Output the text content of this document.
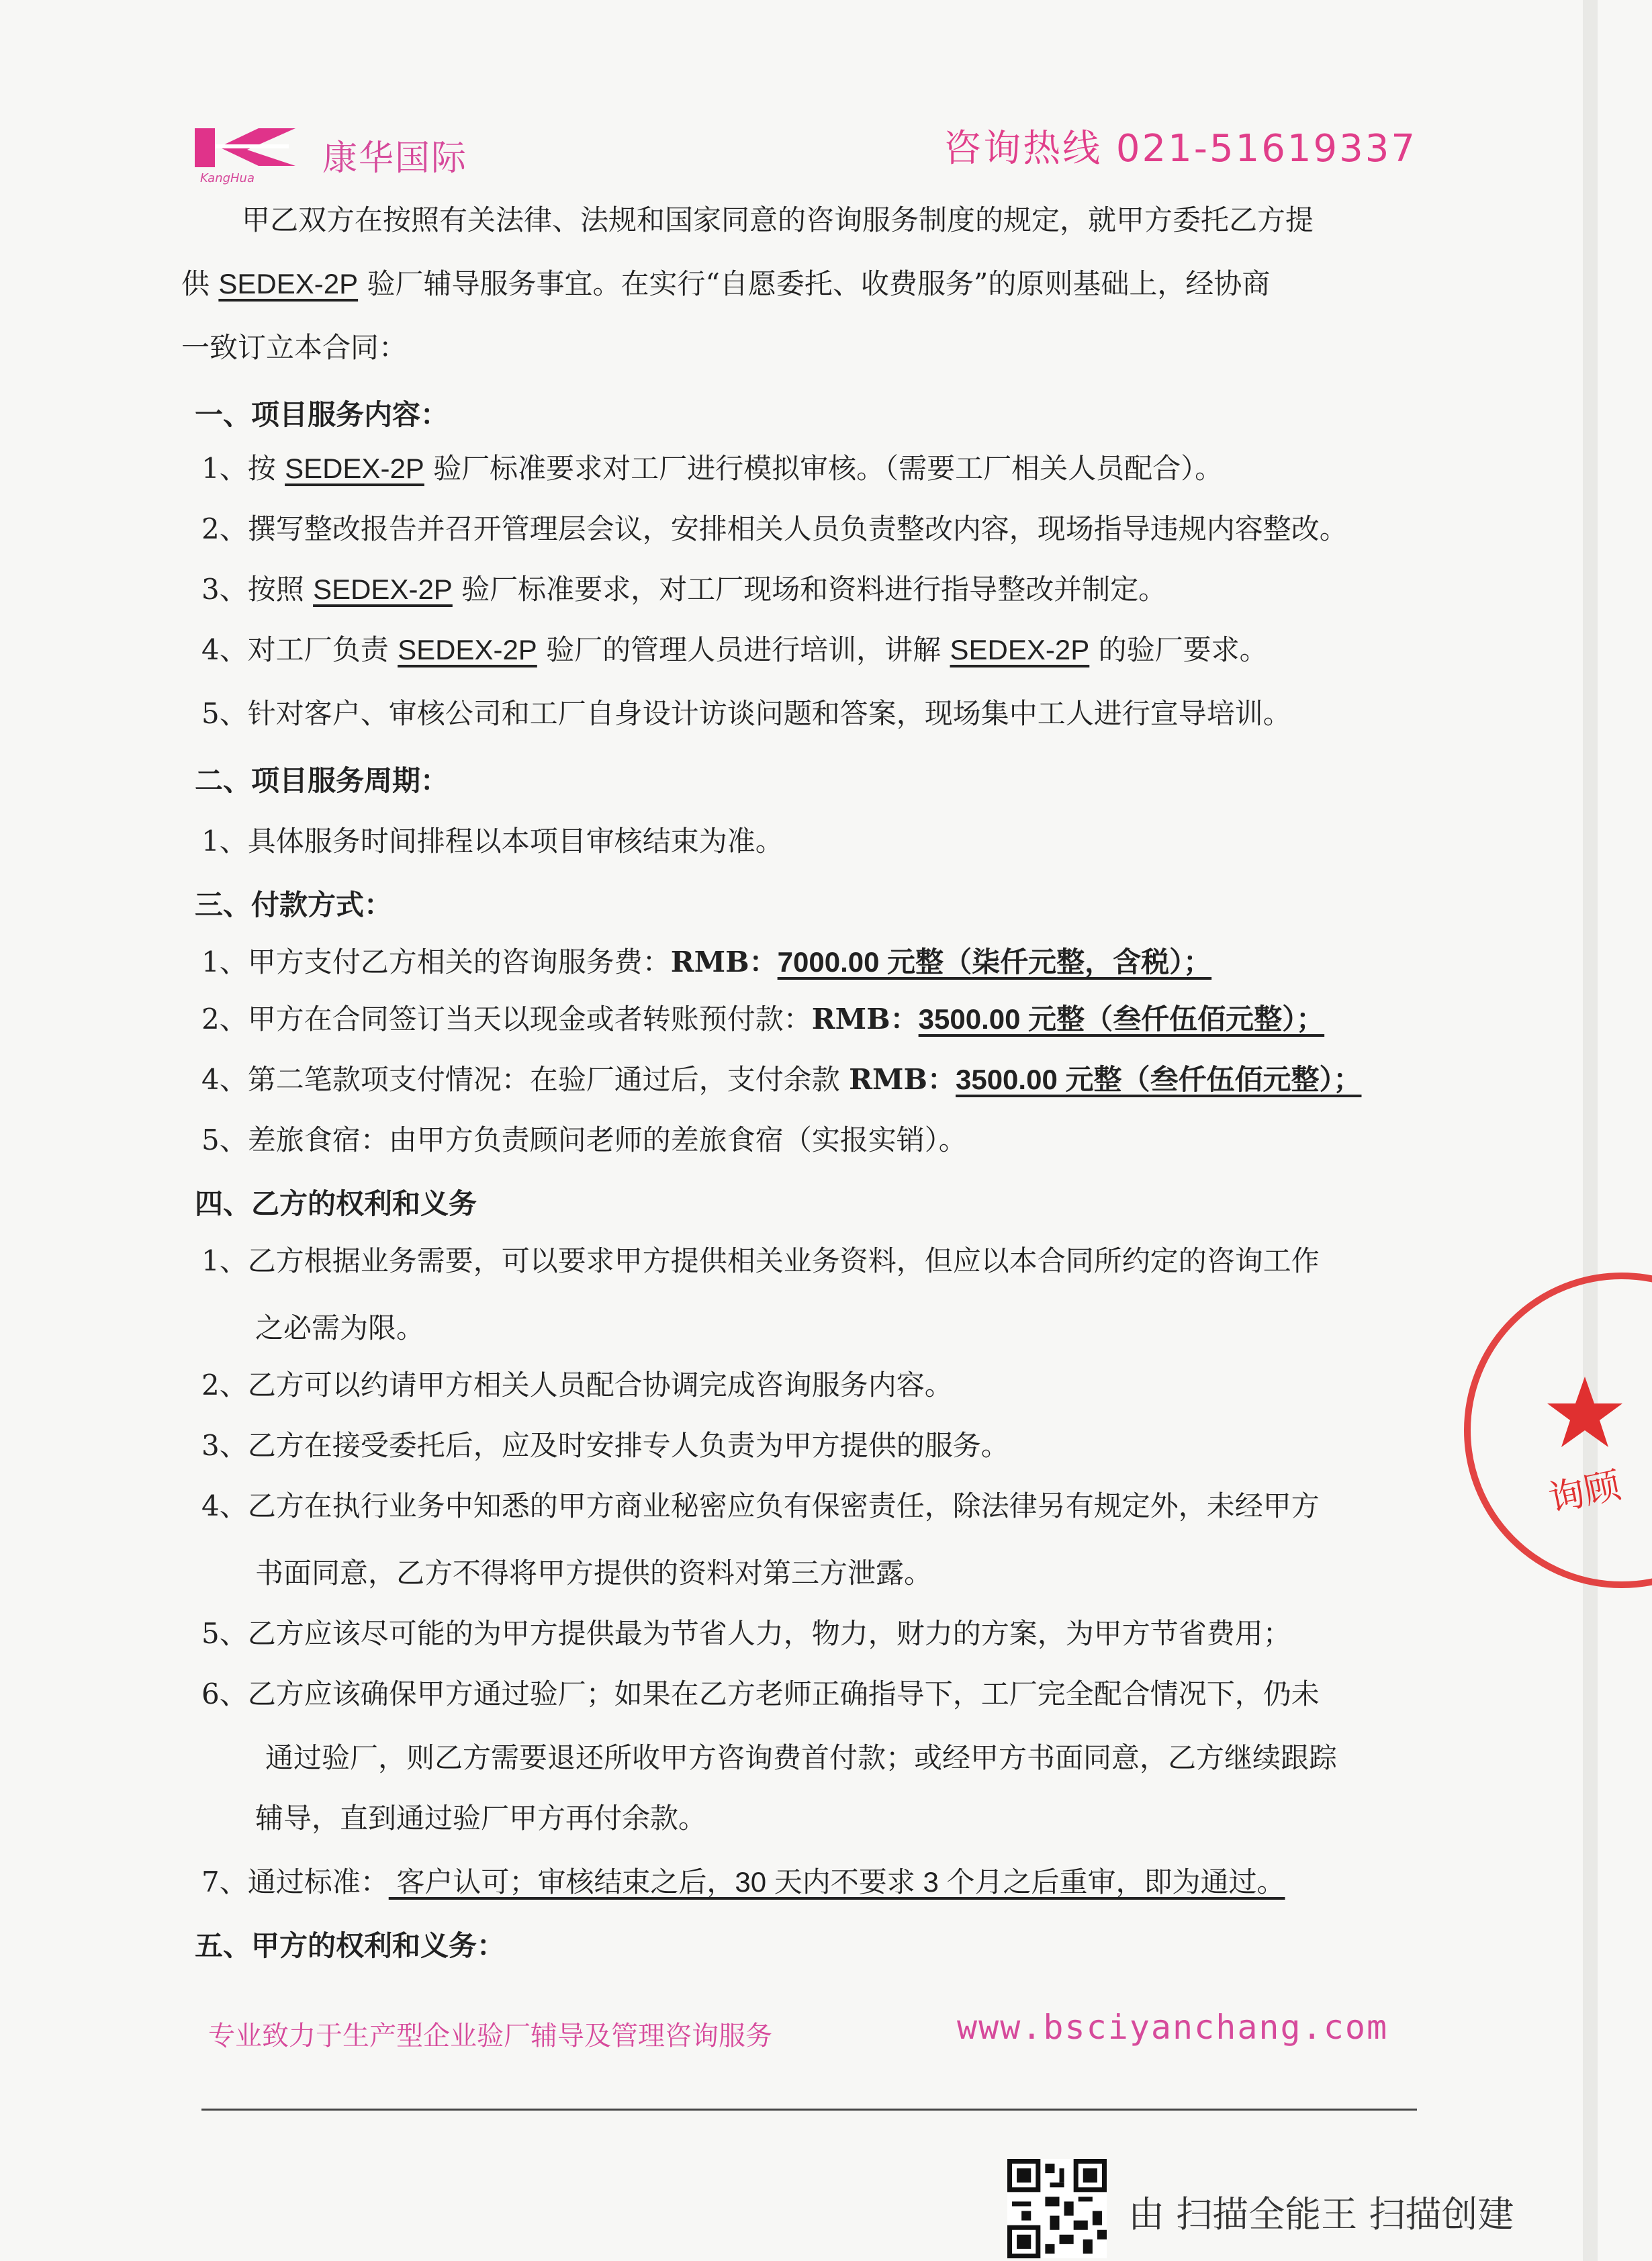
康华国际
KangHua
咨询热线 021-51619337
甲乙双方在按照有关法律、法规和国家同意的咨询服务制度的规定，就甲方委托乙方提
供 SEDEX-2P 验厂辅导服务事宜。在实行“自愿委托、收费服务”的原则基础上，经协商
一致订立本合同：
一、项目服务内容：
1、按 SEDEX-2P 验厂标准要求对工厂进行模拟审核。（需要工厂相关人员配合）。
2、撰写整改报告并召开管理层会议，安排相关人员负责整改内容，现场指导违规内容整改。
3、按照 SEDEX-2P 验厂标准要求，对工厂现场和资料进行指导整改并制定。
4、对工厂负责 SEDEX-2P 验厂的管理人员进行培训，讲解 SEDEX-2P 的验厂要求。
5、针对客户、审核公司和工厂自身设计访谈问题和答案，现场集中工人进行宣导培训。
二、项目服务周期：
1、具体服务时间排程以本项目审核结束为准。
三、付款方式：
1、甲方支付乙方相关的咨询服务费：RMB：7000.00 元整（柒仟元整，含税）；
2、甲方在合同签订当天以现金或者转账预付款：RMB：3500.00 元整（叁仟伍佰元整）；
4、第二笔款项支付情况：在验厂通过后，支付余款 RMB：3500.00 元整（叁仟伍佰元整）；
5、差旅食宿：由甲方负责顾问老师的差旅食宿（实报实销）。
四、乙方的权利和义务
1、乙方根据业务需要，可以要求甲方提供相关业务资料，但应以本合同所约定的咨询工作
之必需为限。
2、乙方可以约请甲方相关人员配合协调完成咨询服务内容。
3、乙方在接受委托后，应及时安排专人负责为甲方提供的服务。
4、乙方在执行业务中知悉的甲方商业秘密应负有保密责任，除法律另有规定外，未经甲方
书面同意，乙方不得将甲方提供的资料对第三方泄露。
5、乙方应该尽可能的为甲方提供最为节省人力，物力，财力的方案，为甲方节省费用；
6、乙方应该确保甲方通过验厂；如果在乙方老师正确指导下，工厂完全配合情况下，仍未
通过验厂，则乙方需要退还所收甲方咨询费首付款；或经甲方书面同意，乙方继续跟踪
辅导，直到通过验厂甲方再付余款。
7、通过标准： 客户认可；审核结束之后，30 天内不要求 3 个月之后重审，即为通过。
五、甲方的权利和义务：
询顾
专业致力于生产型企业验厂辅导及管理咨询服务	www.bsciyanchang.com
由 扫描全能王 扫描创建
